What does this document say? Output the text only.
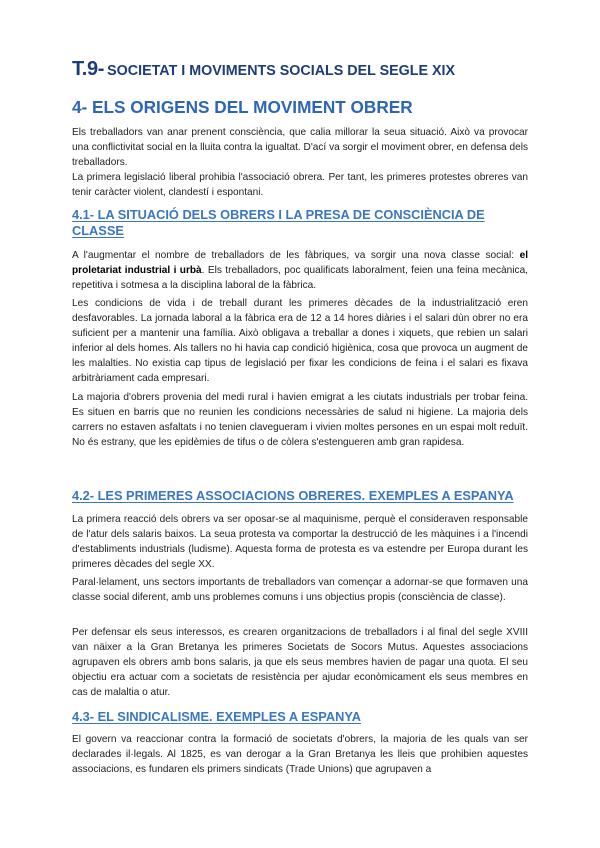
T.9- SOCIETAT I MOVIMENTS SOCIALS DEL SEGLE XIX
4- ELS ORIGENS DEL MOVIMENT OBRER

Els treballadors van anar prenent consciència, que calia millorar la seua situació. Això va provocar una conflictivitat social en la lluita contra la igualtat. D'ací va sorgir el moviment obrer, en defensa dels treballadors.

La primera legislació liberal prohibia l'associació obrera. Per tant, les primeres protestes obreres van tenir caràcter violent, clandestí i espontani.

4.1- LA SITUACIÓ DELS OBRERS I LA PRESA DE CONSCIÈNCIA DE CLASSE

A l'augmentar el nombre de treballadors de les fàbriques, va sorgir una nova classe social: el proletariat industrial i urbà. Els treballadors, poc qualificats laboralment, feien una feina mecànica, repetitiva i sotmesa a la disciplina laboral de la fàbrica.

Les condicions de vida i de treball durant les primeres dècades de la industrialització eren desfavorables. La jornada laboral a la fàbrica era de 12 a 14 hores diàries i el salari dùn obrer no era suficient per a mantenir una família. Això obligava a treballar a dones i xiquets, que rebien un salari inferior al dels homes. Als tallers no hi havia cap condició higiènica, cosa que provoca un augment de les malalties. No existia cap tipus de legislació per fixar les condicions de feina i el salari es fixava arbitràriament cada empresari.

La majoria d'obrers provenia del medi rural i havien emigrat a les ciutats industrials per trobar feina. Es situen en barris que no reunien les condicions necessàries de salud ni higiene. La majoria dels carrers no estaven asfaltats i no tenien clavegueram i vivien moltes persones en un espai molt reduït. No és estrany, que les epidèmies de tifus o de còlera s'estengueren amb gran rapidesa.

4.2- LES PRIMERES ASSOCIACIONS OBRERES. EXEMPLES A ESPANYA

La primera reacció dels obrers va ser oposar-se al maquinisme, perquè el consideraven responsable de l'atur dels salaris baixos. La seua protesta va comportar la destrucció de les màquines i a l'incendi d'establiments industrials (ludisme). Aquesta forma de protesta es va estendre per Europa durant les primeres dècades del segle XX.

Paral·lelament, uns sectors importants de treballadors van començar a adornar-se que formaven una classe social diferent, amb uns problemes comuns i uns objectius propis (consciència de classe).

Per defensar els seus interessos, es crearen organitzacions de treballadors i al final del segle XVIII van näixer a la Gran Bretanya les primeres Societats de Socors Mutus. Aquestes associacions agrupaven els obrers amb bons salaris, ja que els seus membres havien de pagar una quota. El seu objectiu era actuar com a societats de resistència per ajudar econòmicament els seus membres en cas de malaltia o atur.

4.3- EL SINDICALISME. EXEMPLES A ESPANYA

El govern va reaccionar contra la formació de societats d'obrers, la majoria de les quals van ser declarades il·legals. Al 1825, es van derogar a la Gran Bretanya les lleis que prohibien aquestes associacions, es fundaren els primers sindicats (Trade Unions) que agrupaven a
